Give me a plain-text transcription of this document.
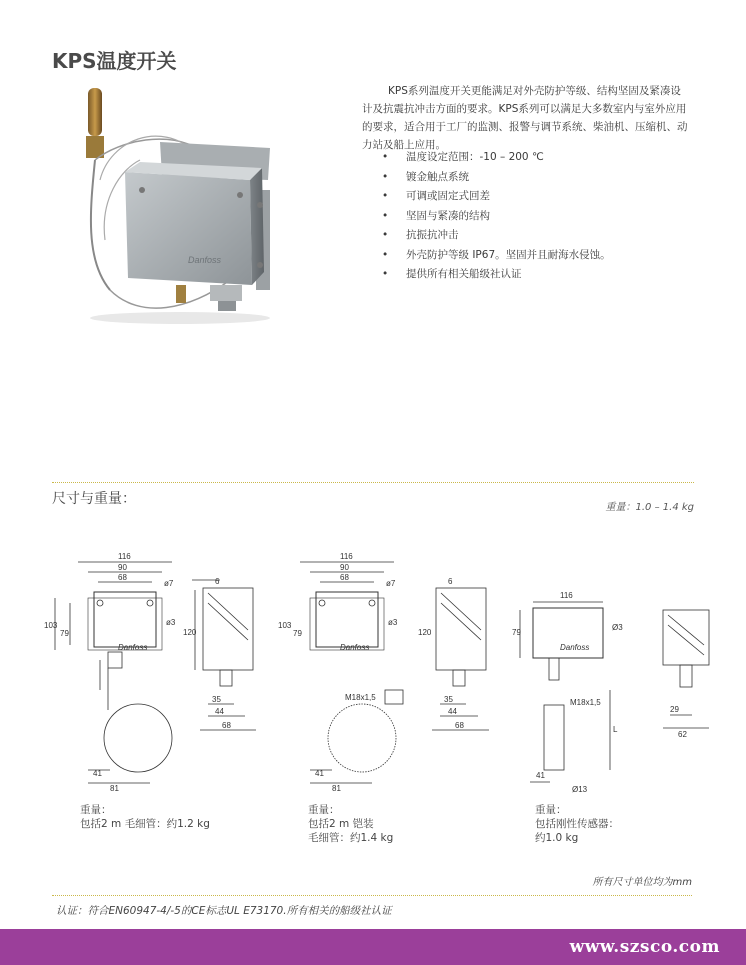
KPS温度开关
Danfoss
KPS系列温度开关更能满足对外壳防护等级、结构坚固及紧凑设计及抗震抗冲击方面的要求。KPS系列可以满足大多数室内与室外应用的要求，适合用于工厂的监测、报警与调节系统、柴油机、压缩机、动力站及船上应用。
• 温度设定范围：-10 – 200 ℃
• 镀金触点系统
• 可调或固定式回差
• 坚固与紧凑的结构
• 抗振抗冲击
• 外壳防护等级 IP67。坚固并且耐海水侵蚀。
• 提供所有相关船级社认证
尺寸与重量：
重量：1.0 – 1.4 kg
116
90
68
ø7
ø3
103
79
Danfoss
41
81
6
120
35
44
68
116
90
68
ø7
ø3
103
79
Danfoss
M18x1,5
41
81
6
120
35
44
68
116
79
Ø3
Danfoss
M18x1,5
L
41
Ø13
29
62
重量：
包括2 m 毛细管：约1.2 kg
重量：
包括2 m 铠装
毛细管：约1.4 kg
重量：
包括刚性传感器：
约1.0 kg
所有尺寸单位均为mm
认证：符合EN60947-4/-5的CE标志UL E73170.所有相关的船级社认证
www.szsco.com
